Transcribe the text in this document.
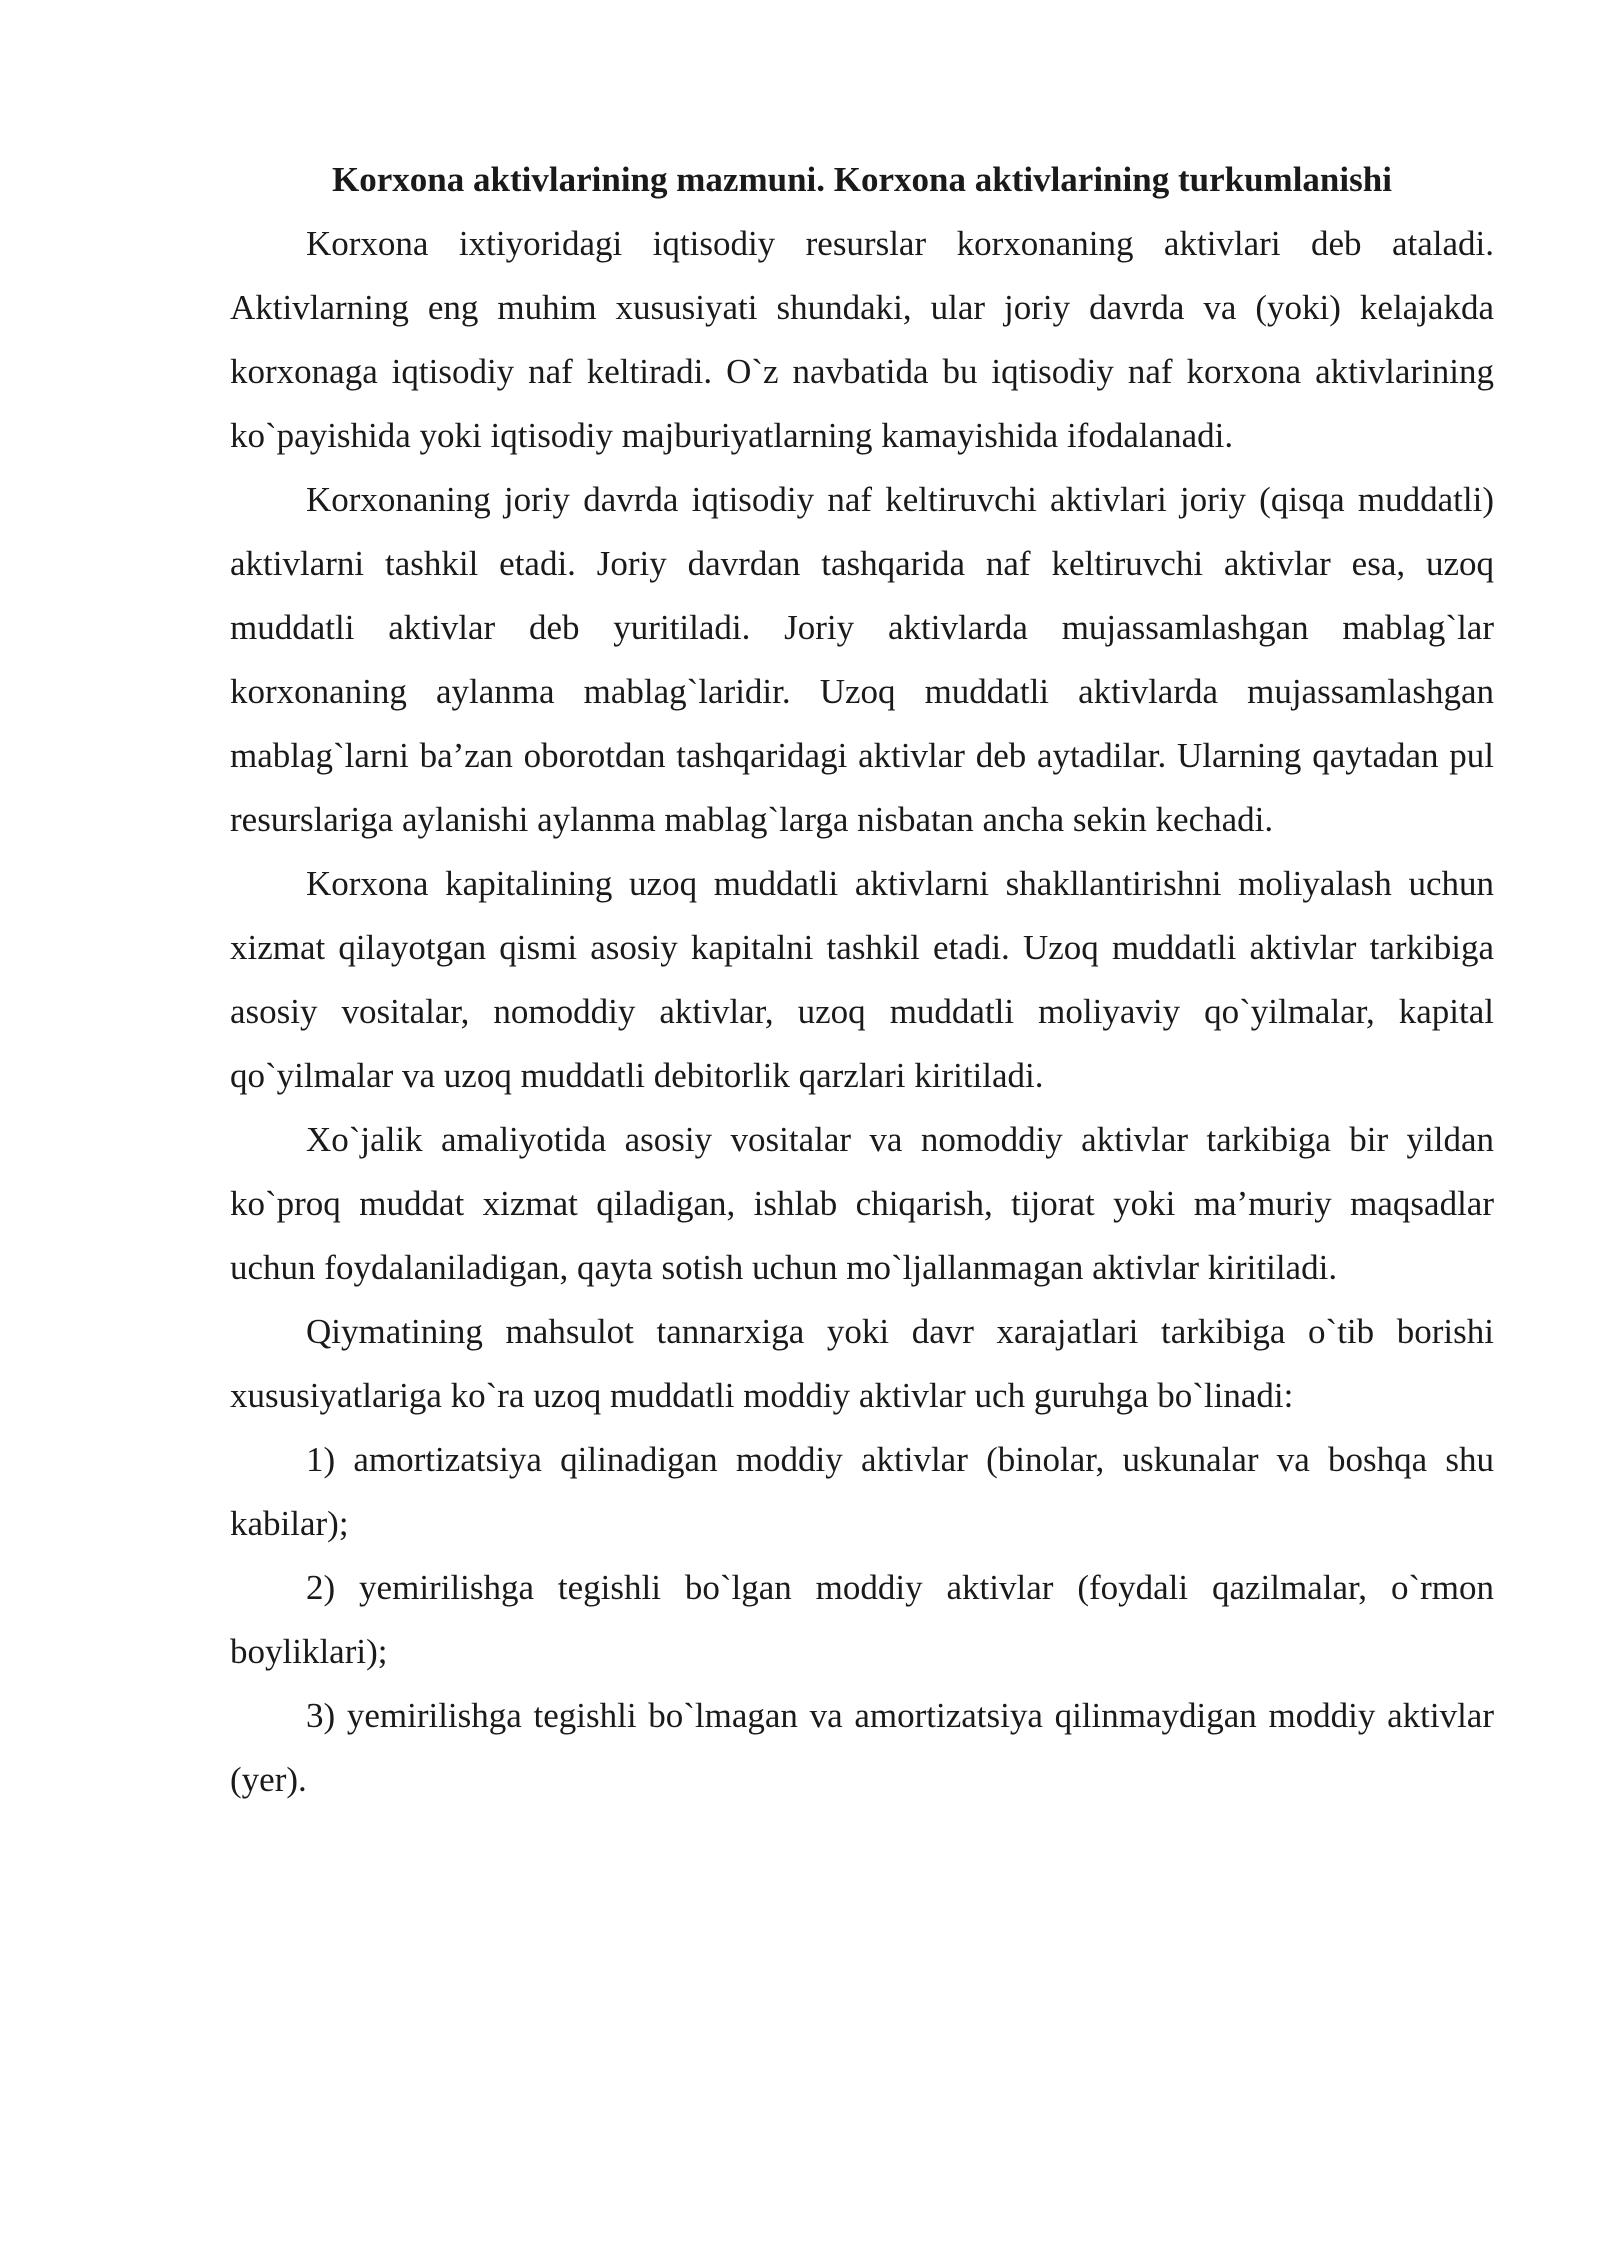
Korxona aktivlarining mazmuni. Korxona aktivlarining turkumlanishi

Korxona ixtiyoridagi iqtisodiy resurslar korxonaning aktivlari deb ataladi. Aktivlarning eng muhim xususiyati shundaki, ular joriy davrda va (yoki) kelajakda korxonaga iqtisodiy naf keltiradi. O`z navbatida bu iqtisodiy naf korxona aktivlarining ko`payishida yoki iqtisodiy majburiyatlarning kamayishida ifodalanadi.

Korxonaning joriy davrda iqtisodiy naf keltiruvchi aktivlari joriy (qisqa muddatli) aktivlarni tashkil etadi. Joriy davrdan tashqarida naf keltiruvchi aktivlar esa, uzoq muddatli aktivlar deb yuritiladi. Joriy aktivlarda mujassamlashgan mablag`lar korxonaning aylanma mablag`laridir. Uzoq muddatli aktivlarda mujassamlashgan mablag`larni ba’zan oborotdan tashqaridagi aktivlar deb aytadilar. Ularning qaytadan pul resurslariga aylanishi aylanma mablag`larga nisbatan ancha sekin kechadi.

Korxona kapitalining uzoq muddatli aktivlarni shakllantirishni moliyalash uchun xizmat qilayotgan qismi asosiy kapitalni tashkil etadi. Uzoq muddatli aktivlar tarkibiga asosiy vositalar, nomoddiy aktivlar, uzoq muddatli moliyaviy qo`yilmalar, kapital qo`yilmalar va uzoq muddatli debitorlik qarzlari kiritiladi.

Xo`jalik amaliyotida asosiy vositalar va nomoddiy aktivlar tarkibiga bir yildan ko`proq muddat xizmat qiladigan, ishlab chiqarish, tijorat yoki ma’muriy maqsadlar uchun foydalaniladigan, qayta sotish uchun mo`ljallanmagan aktivlar kiritiladi.

Qiymatining mahsulot tannarxiga yoki davr xarajatlari tarkibiga o`tib borishi xususiyatlariga ko`ra uzoq muddatli moddiy aktivlar uch guruhga bo`linadi:

1) amortizatsiya qilinadigan moddiy aktivlar (binolar, uskunalar va boshqa shu kabilar);

2) yemirilishga tegishli bo`lgan moddiy aktivlar (foydali qazilmalar, o`rmon boyliklari);

3) yemirilishga tegishli bo`lmagan va amortizatsiya qilinmaydigan moddiy aktivlar (yer).
